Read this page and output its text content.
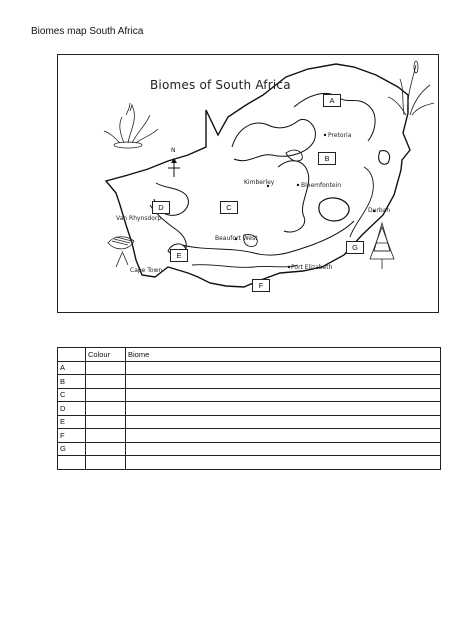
Biomes map South Africa
Biomes of South Africa
N
Pretoria
Kimberley	Bloemfontein
Durban
Van Rhynsdorp
Beaufort West
Cape Town	Port Elizabeth
A
B
C
D
E
F
G
	Colour	Biome
A		
B		
C		
D		
E		
F		
G		
